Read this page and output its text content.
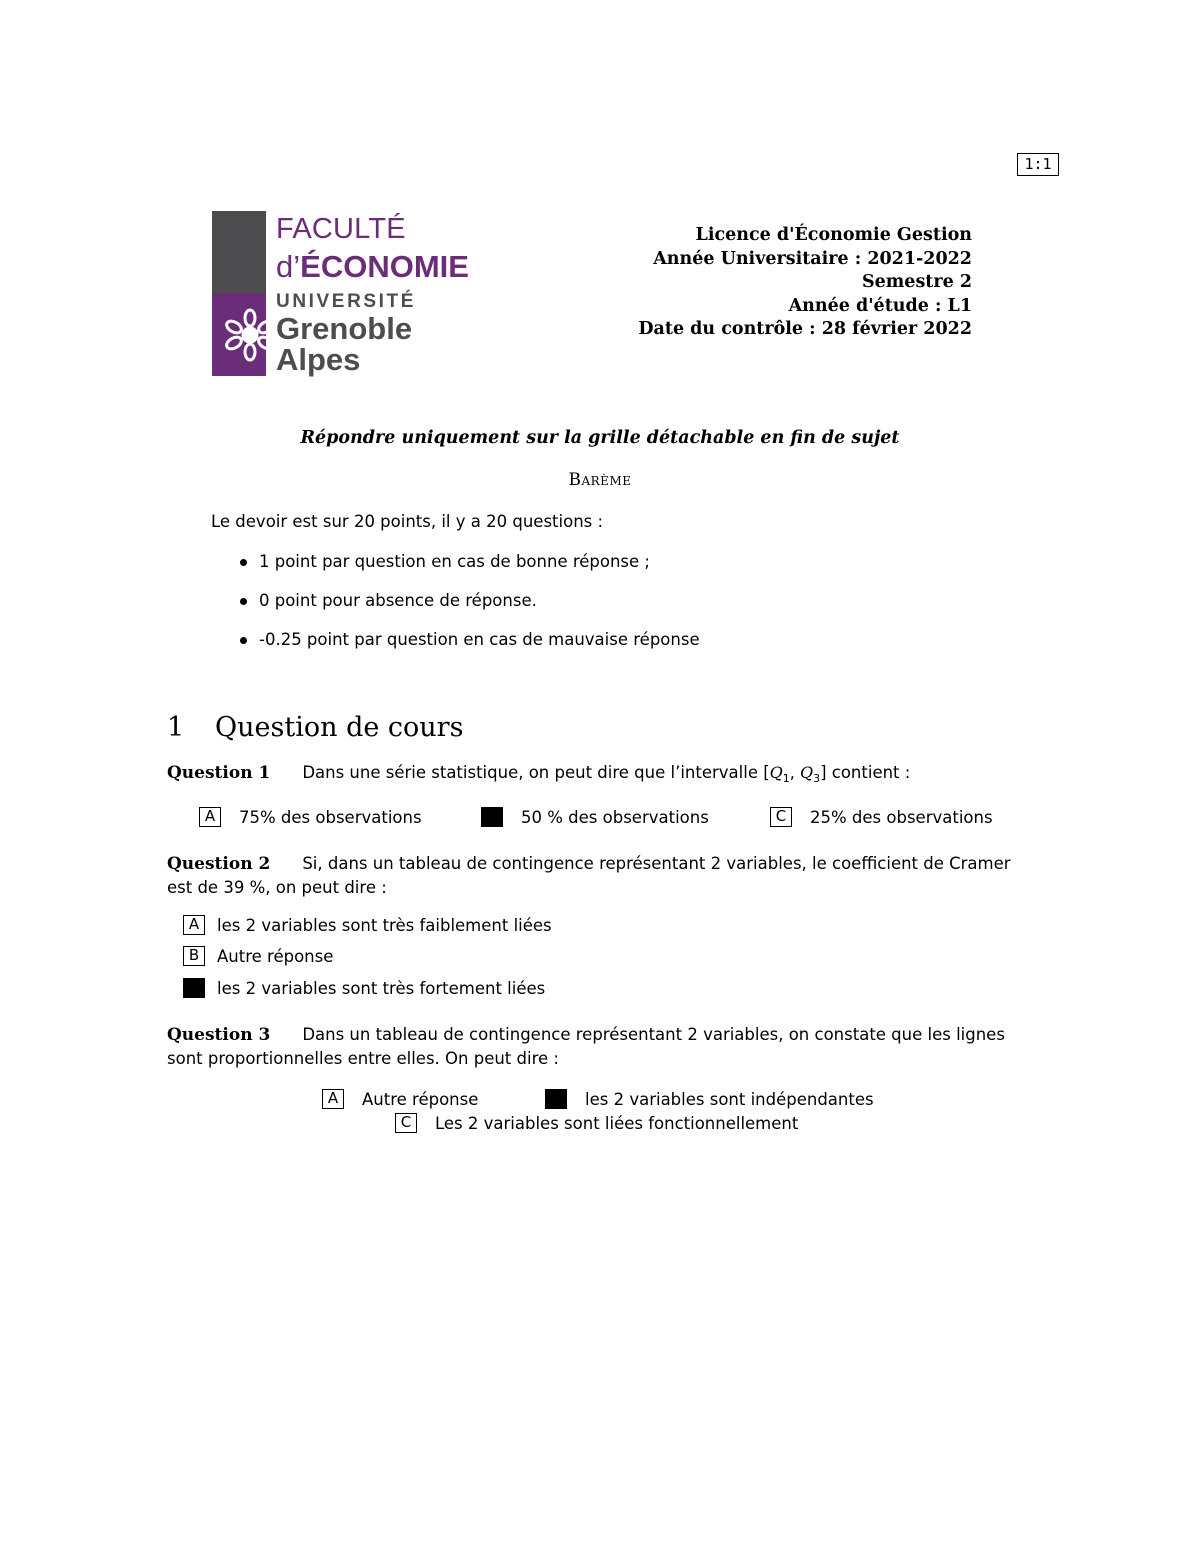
1:1
FACULTÉ
d’ÉCONOMIE
UNIVERSITÉ
Grenoble
Alpes
Licence d'Économie Gestion
Année Universitaire : 2021-2022
Semestre 2
Année d'étude : L1
Date du contrôle : 28 février 2022
Répondre uniquement sur la grille détachable en fin de sujet
Barème
Le devoir est sur 20 points, il y a 20 questions :
1 point par question en cas de bonne réponse ;
0 point pour absence de réponse.
-0.25 point par question en cas de mauvaise réponse
1 Question de cours
Question 1 Dans une série statistique, on peut dire que l’intervalle [$Q_1$, $Q_3$] contient :
A	75% des observations	50 % des observations	C	25% des observations
Question 2 Si, dans un tableau de contingence représentant 2 variables, le coefficient de Cramer est de 39 %, on peut dire :
A	les 2 variables sont très faiblement liées
B	Autre réponse
les 2 variables sont très fortement liées
Question 3 Dans un tableau de contingence représentant 2 variables, on constate que les lignes sont proportionnelles entre elles. On peut dire :
A	Autre réponse	les 2 variables sont indépendantes
C	Les 2 variables sont liées fonctionnellement
